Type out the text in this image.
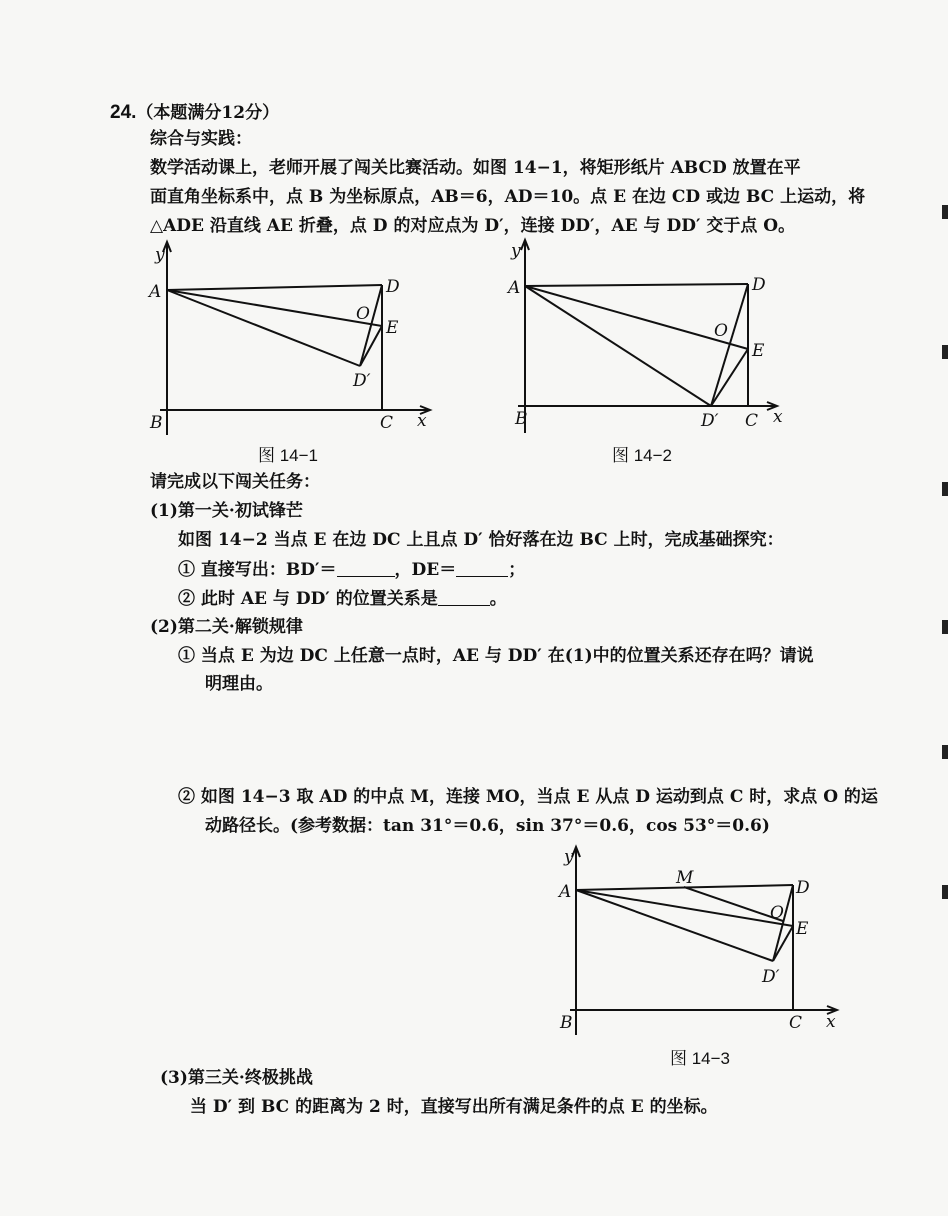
24.（本题满分12分）
综合与实践：
数学活动课上，老师开展了闯关比赛活动。如图 14−1，将矩形纸片 ABCD 放置在平
面直角坐标系中，点 B 为坐标原点，AB＝6，AD＝10。点 E 在边 CD 或边 BC 上运动，将
△ADE 沿直线 AE 折叠，点 D 的对应点为 D′，连接 DD′，AE 与 DD′ 交于点 O。
y
A	D
O
E
D′
B	C x
图 14−1
y
A	D
O
E
D′
B	C x
图 14−2
请完成以下闯关任务：
(1)第一关·初试锋芒
如图 14−2 当点 E 在边 DC 上且点 D′ 恰好落在边 BC 上时，完成基础探究：
① 直接写出：BD′＝	，DE＝	；
② 此时 AE 与 DD′ 的位置关系是	。
(2)第二关·解锁规律
① 当点 E 为边 DC 上任意一点时，AE 与 DD′ 在(1)中的位置关系还存在吗？请说
明理由。
② 如图 14−3 取 AD 的中点 M，连接 MO，当点 E 从点 D 运动到点 C 时，求点 O 的运
动路径长。(参考数据：tan 31°＝0.6，sin 37°＝0.6，cos 53°＝0.6)
y
A
M	D
O
E
D′
B	C x
图 14−3
(3)第三关·终极挑战
当 D′ 到 BC 的距离为 2 时，直接写出所有满足条件的点 E 的坐标。
